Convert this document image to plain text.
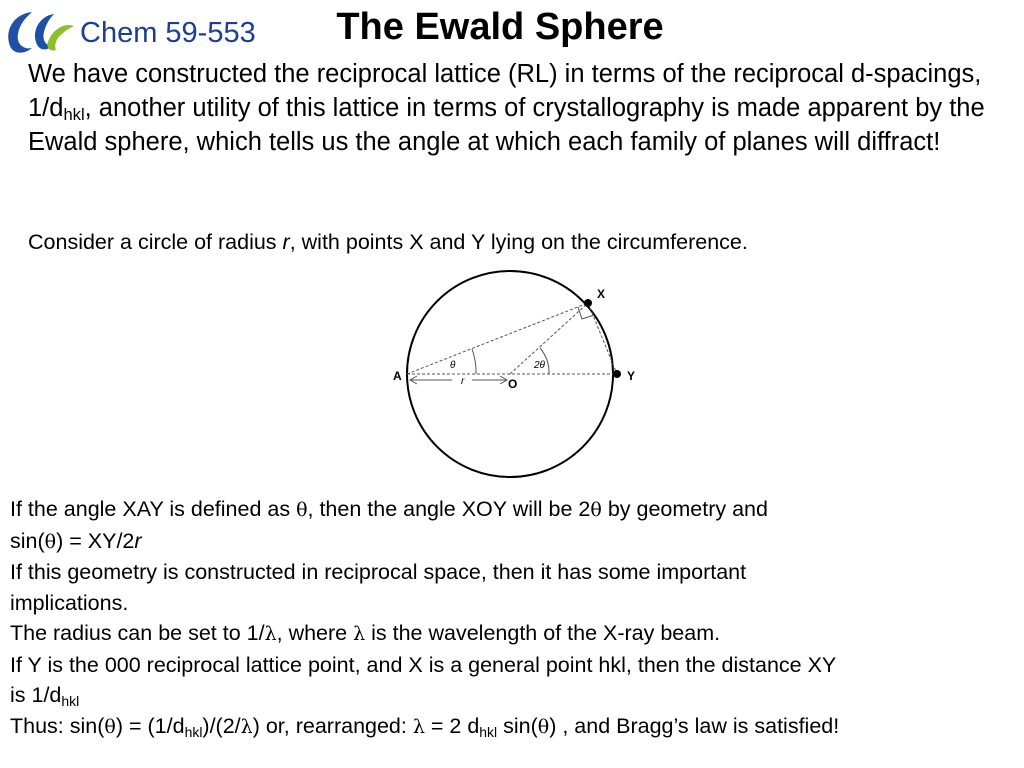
Chem 59-553	The Ewald Sphere
We have constructed the reciprocal lattice (RL) in terms of the reciprocal d-spacings, $1/d_{hkl}$, another utility of this lattice in terms of crystallography is made apparent by the Ewald sphere, which tells us the angle at which each family of planes will diffract!
Consider a circle of radius r, with points X and Y lying on the circumference.
X
Y
A
O
r
θ	2θ
If the angle XAY is defined as θ, then the angle XOY will be 2θ by geometry and
sin(θ) = XY/2r
If this geometry is constructed in reciprocal space, then it has some important
implications.
The radius can be set to 1/λ, where λ is the wavelength of the X-ray beam.
If Y is the 000 reciprocal lattice point, and X is a general point hkl, then the distance XY
is $1/d_{hkl}$
Thus: $\sin(\theta) = (1/d_{hkl})/(2/\lambda)$ or, rearranged: λ = 2 $d_{hkl}$ sin(θ) , and Bragg’s law is satisfied!
